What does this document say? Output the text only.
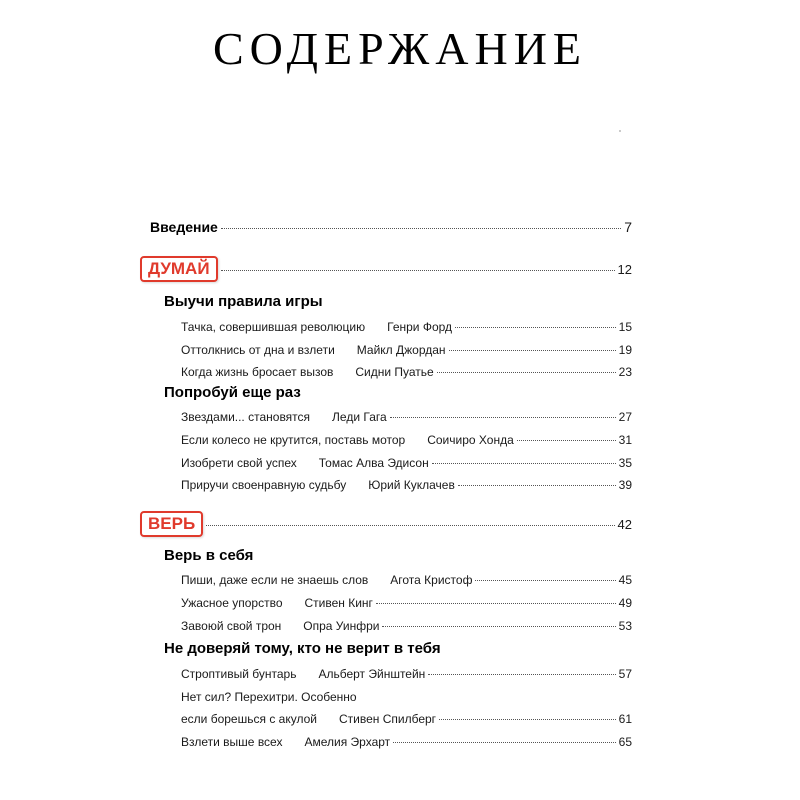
СОДЕРЖАНИЕ
Введение	7
ДУМАЙ	12
Выучи правила игры
Тачка, совершившая революцию Генри Форд	15
Оттолкнись от дна и взлети Майкл Джордан	19
Когда жизнь бросает вызов Сидни Пуатье	23
Попробуй еще раз
Звездами... становятся Леди Гага	27
Если колесо не крутится, поставь мотор Соичиро Хонда	31
Изобрети свой успех Томас Алва Эдисон	35
Приручи своенравную судьбу Юрий Куклачев	39
ВЕРЬ	42
Верь в себя
Пиши, даже если не знаешь слов Агота Кристоф	45
Ужасное упорство Стивен Кинг	49
Завоюй свой трон Опра Уинфри	53
Не доверяй тому, кто не верит в тебя
Строптивый бунтарь Альберт Эйнштейн	57
Нет сил? Перехитри. Особенно
если борешься с акулой Стивен Спилберг	61
Взлети выше всех Амелия Эрхарт	65
